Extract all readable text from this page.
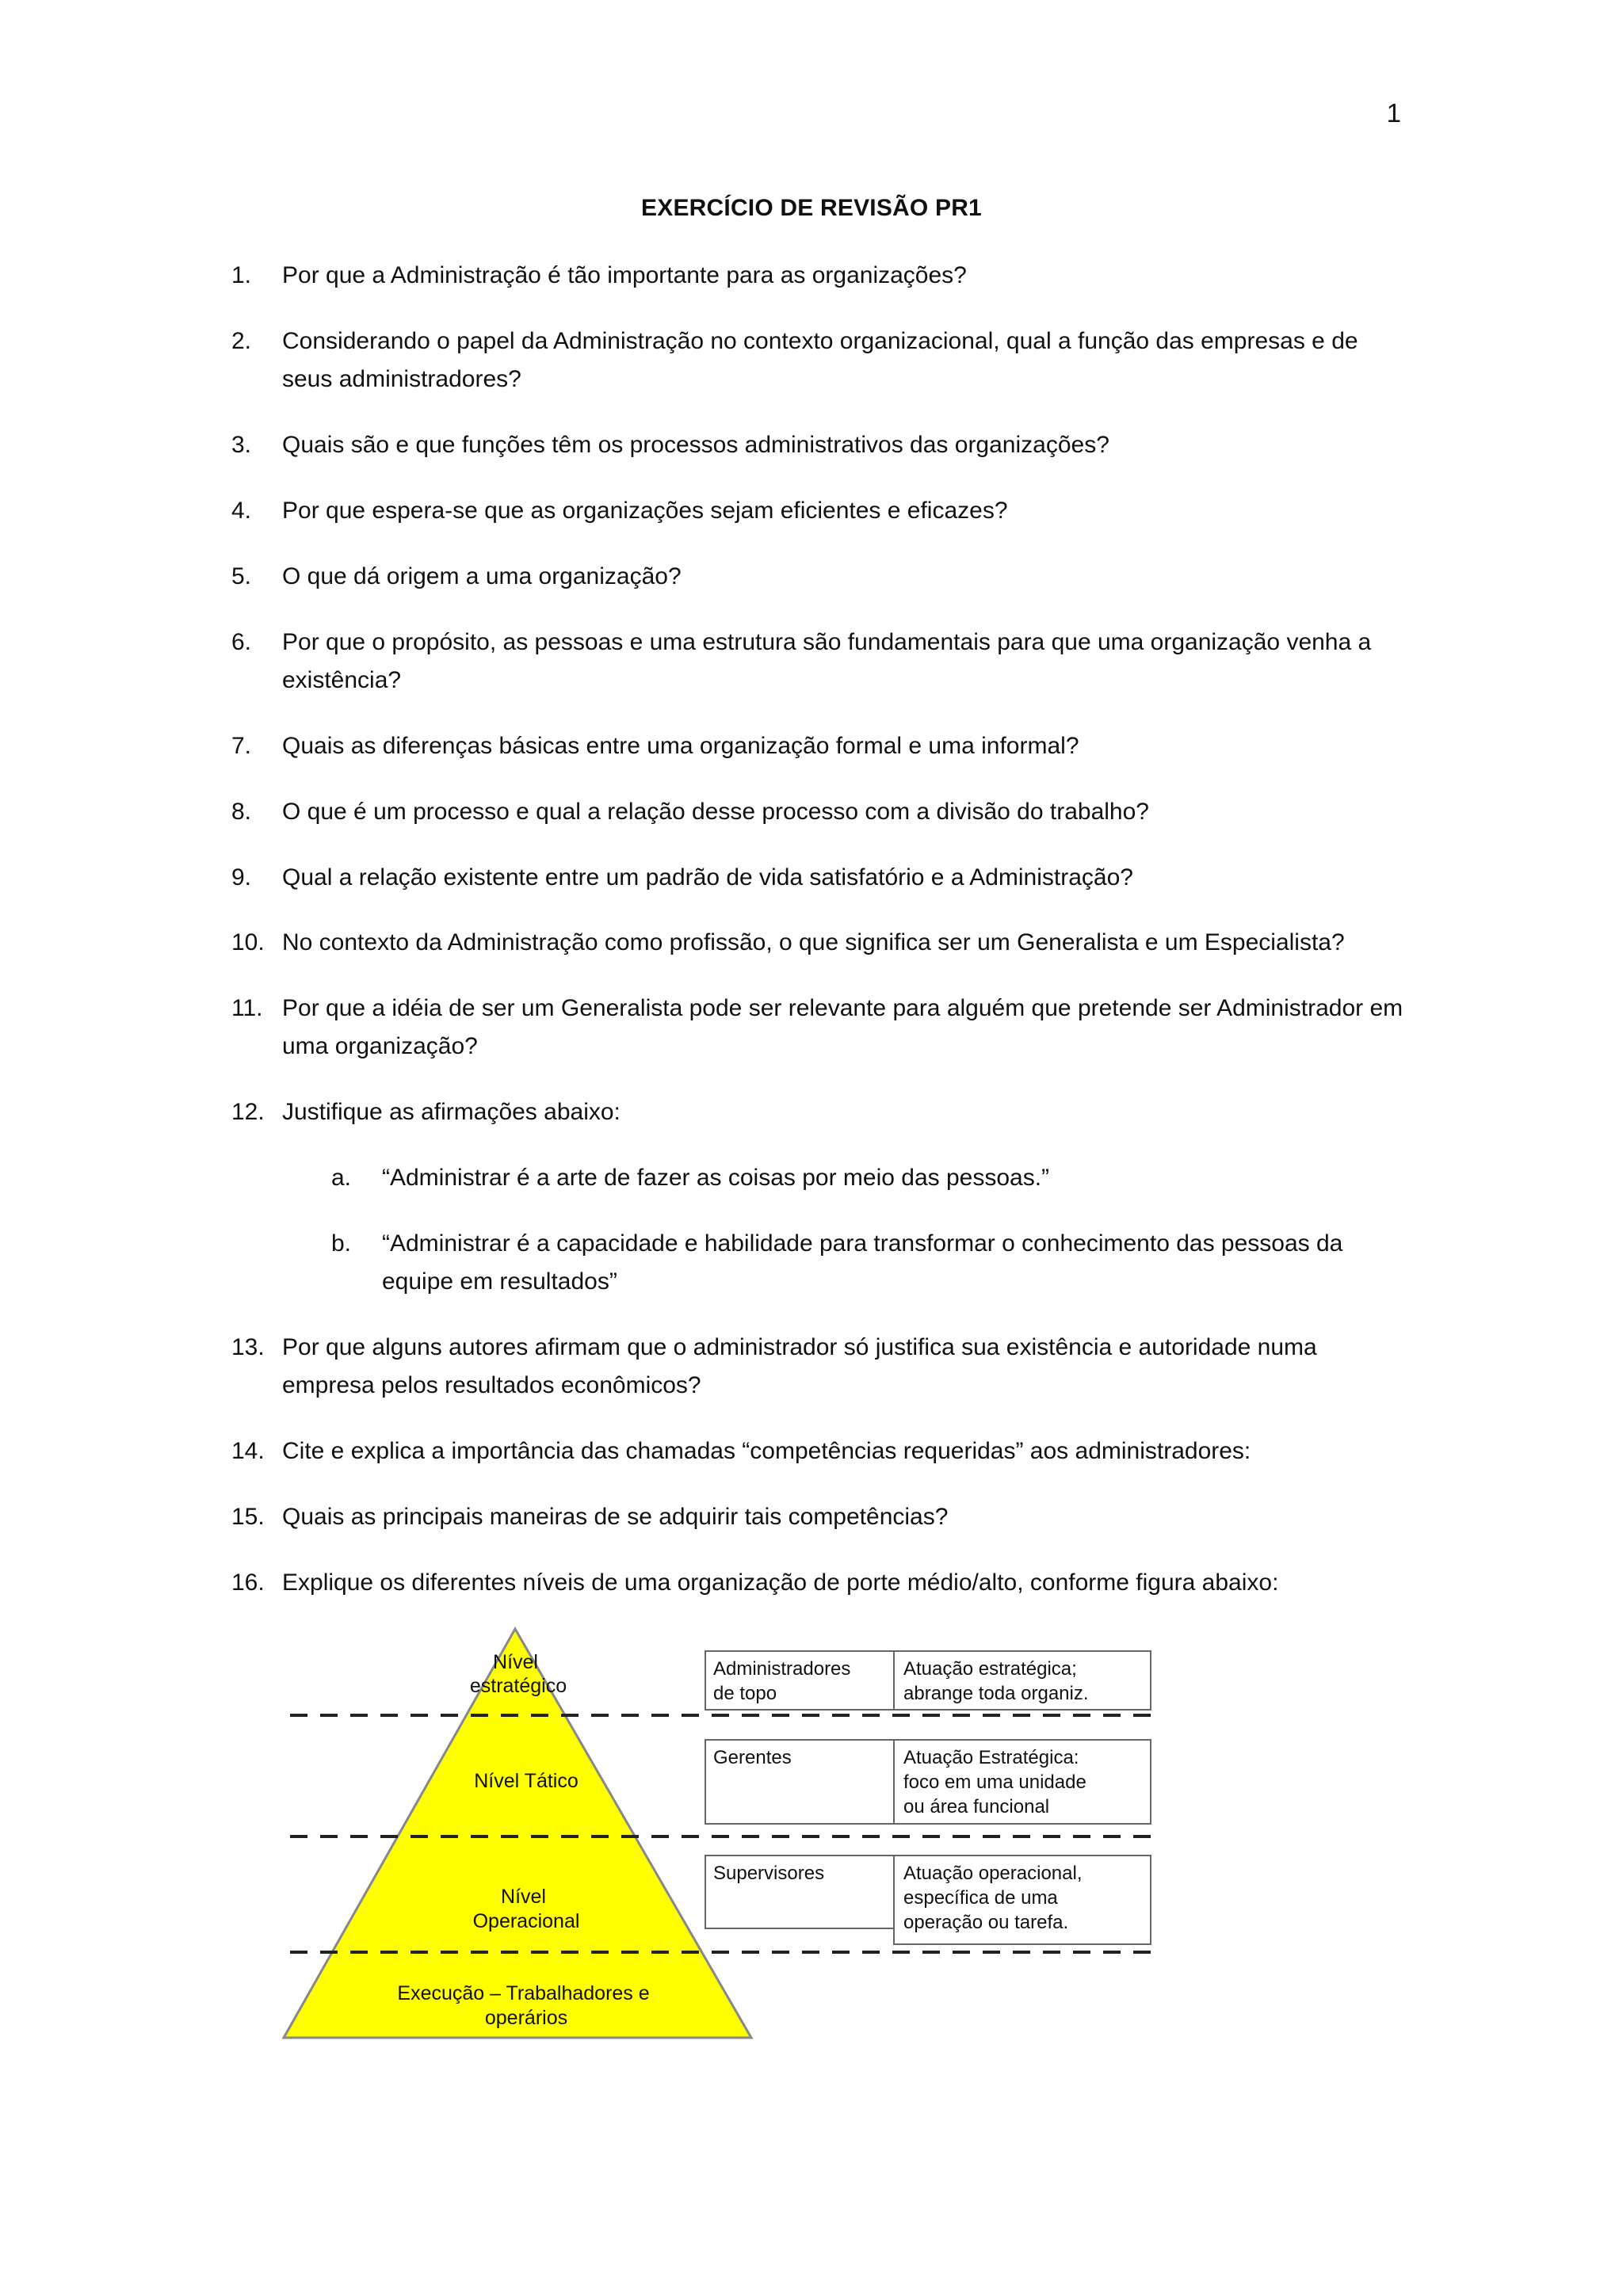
1
EXERCÍCIO DE REVISÃO PR1
1. Por que a Administração é tão importante para as organizações?
2. Considerando o papel da Administração no contexto organizacional, qual a função das empresas e de seus administradores?
3. Quais são e que funções têm os processos administrativos das organizações?
4. Por que espera-se que as organizações sejam eficientes e eficazes?
5. O que dá origem a uma organização?
6. Por que o propósito, as pessoas e uma estrutura são fundamentais para que uma organização venha a existência?
7. Quais as diferenças básicas entre uma organização formal e uma informal?
8. O que é um processo e qual a relação desse processo com a divisão do trabalho?
9. Qual a relação existente entre um padrão de vida satisfatório e a Administração?
10. No contexto da Administração como profissão, o que significa ser um Generalista e um Especialista?
11. Por que a idéia de ser um Generalista pode ser relevante para alguém que pretende ser Administrador em uma organização?
12. Justifique as afirmações abaixo:
a. “Administrar é a arte de fazer as coisas por meio das pessoas.”
b. “Administrar é a capacidade e habilidade para transformar o conhecimento das pessoas da equipe em resultados”
13. Por que alguns autores afirmam que o administrador só justifica sua existência e autoridade numa empresa pelos resultados econômicos?
14. Cite e explica a importância das chamadas “competências requeridas” aos administradores:
15. Quais as principais maneiras de se adquirir tais competências?
16. Explique os diferentes níveis de uma organização de porte médio/alto, conforme figura abaixo:
Nível estratégico
Nível Tático
Nível Operacional
Execução – Trabalhadores e operários
Administradores de topo
Atuação estratégica; abrange toda organiz.
Gerentes	Atuação Estratégica: foco em uma unidade ou área funcional
Supervisores	Atuação operacional, específica de uma operação ou tarefa.
